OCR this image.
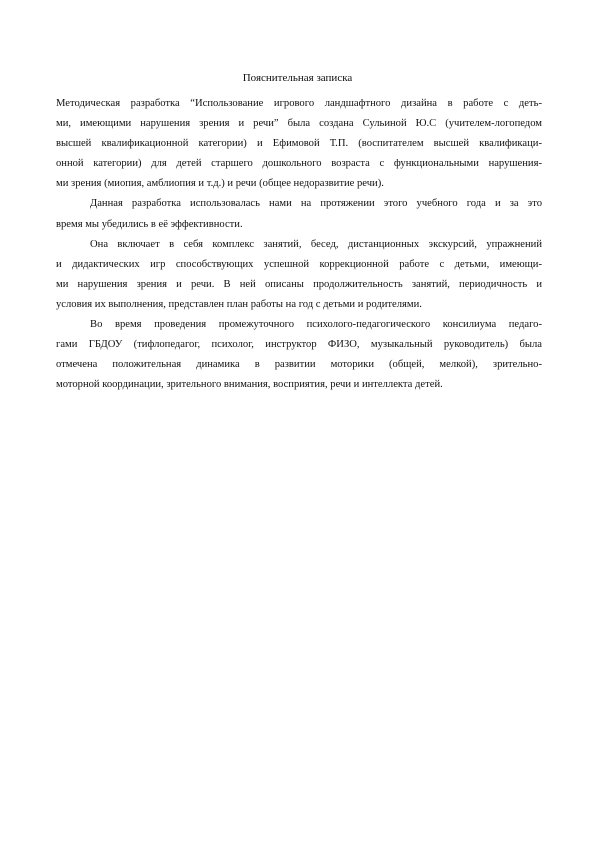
Пояснительная записка
Методическая разработка “Использование игрового ландшафтного дизайна в работе с деть-
ми, имеющими нарушения зрения и речи” была создана Сульиной Ю.С (учителем-логопедом
высшей квалификационной категории) и Ефимовой Т.П. (воспитателем высшей квалификаци-
онной категории) для детей старшего дошкольного возраста с функциональными нарушения-
ми зрения (миопия, амблиопия и т.д.) и речи (общее недоразвитие речи).
Данная разработка использовалась нами на протяжении этого учебного года и за это
время мы убедились в её эффективности.
Она включает в себя комплекс занятий, бесед, дистанционных экскурсий, упражнений
и дидактических игр способствующих успешной коррекционной работе с детьми, имеющи-
ми нарушения зрения и речи. В ней описаны продолжительность занятий, периодичность и
условия их выполнения, представлен план работы на год с детьми и родителями.
Во время проведения промежуточного психолого-педагогического консилиума педаго-
гами ГБДОУ (тифлопедагог, психолог, инструктор ФИЗО, музыкальный руководитель) была
отмечена положительная динамика в развитии моторики (общей, мелкой), зрительно-
моторной координации, зрительного внимания, восприятия, речи и интеллекта детей.
